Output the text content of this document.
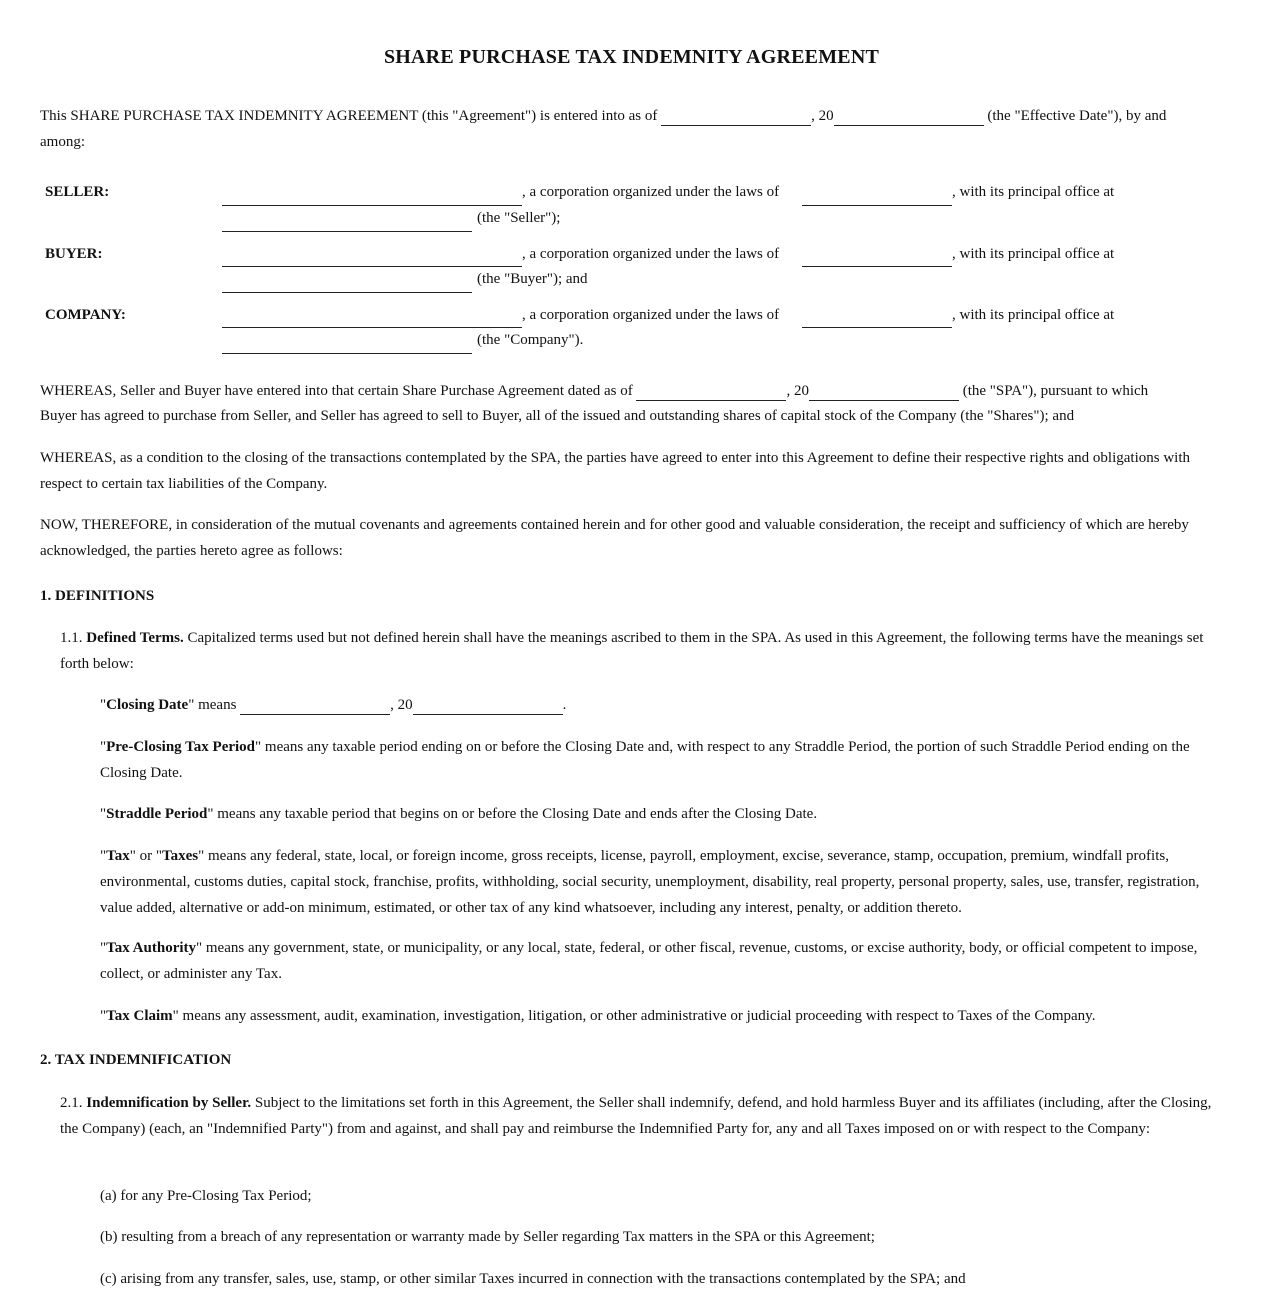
SHARE PURCHASE TAX INDEMNITY AGREEMENT
This SHARE PURCHASE TAX INDEMNITY AGREEMENT (this "Agreement") is entered into as of	, 20	(the "Effective Date"), by and
among:
SELLER:	, a corporation organized under the laws of	, with its principal office at
(the "Seller");
BUYER:	, a corporation organized under the laws of	, with its principal office at
(the "Buyer"); and
COMPANY:	, a corporation organized under the laws of	, with its principal office at
(the "Company").
WHEREAS, Seller and Buyer have entered into that certain Share Purchase Agreement dated as of	, 20	(the "SPA"), pursuant to which
Buyer has agreed to purchase from Seller, and Seller has agreed to sell to Buyer, all of the issued and outstanding shares of capital stock of the Company (the "Shares"); and

WHEREAS, as a condition to the closing of the transactions contemplated by the SPA, the parties have agreed to enter into this Agreement to define their respective rights and obligations with respect to certain tax liabilities of the Company.

NOW, THEREFORE, in consideration of the mutual covenants and agreements contained herein and for other good and valuable consideration, the receipt and sufficiency of which are hereby acknowledged, the parties hereto agree as follows:

1. DEFINITIONS

1.1. Defined Terms. Capitalized terms used but not defined herein shall have the meanings ascribed to them in the SPA. As used in this Agreement, the following terms have the meanings set forth below:

"Closing Date" means	, 20	.

"Pre-Closing Tax Period" means any taxable period ending on or before the Closing Date and, with respect to any Straddle Period, the portion of such Straddle Period ending on the Closing Date.

"Straddle Period" means any taxable period that begins on or before the Closing Date and ends after the Closing Date.

"Tax" or "Taxes" means any federal, state, local, or foreign income, gross receipts, license, payroll, employment, excise, severance, stamp, occupation, premium, windfall profits, environmental, customs duties, capital stock, franchise, profits, withholding, social security, unemployment, disability, real property, personal property, sales, use, transfer, registration, value added, alternative or add-on minimum, estimated, or other tax of any kind whatsoever, including any interest, penalty, or addition thereto.

"Tax Authority" means any government, state, or municipality, or any local, state, federal, or other fiscal, revenue, customs, or excise authority, body, or official competent to impose, collect, or administer any Tax.

"Tax Claim" means any assessment, audit, examination, investigation, litigation, or other administrative or judicial proceeding with respect to Taxes of the Company.

2. TAX INDEMNIFICATION

2.1. Indemnification by Seller. Subject to the limitations set forth in this Agreement, the Seller shall indemnify, defend, and hold harmless Buyer and its affiliates (including, after the Closing, the Company) (each, an "Indemnified Party") from and against, and shall pay and reimburse the Indemnified Party for, any and all Taxes imposed on or with respect to the Company:

(a) for any Pre-Closing Tax Period;

(b) resulting from a breach of any representation or warranty made by Seller regarding Tax matters in the SPA or this Agreement;

(c) arising from any transfer, sales, use, stamp, or other similar Taxes incurred in connection with the transactions contemplated by the SPA; and
